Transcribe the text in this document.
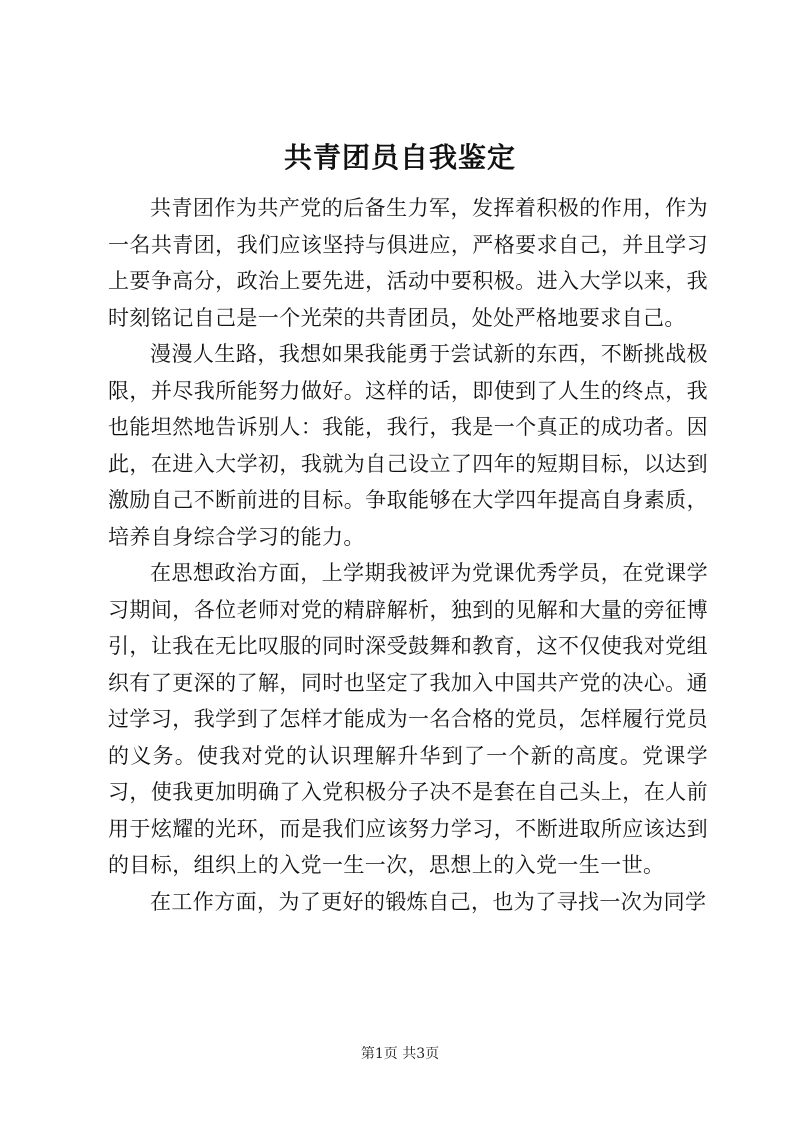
共青团员自我鉴定

共青团作为共产党的后备生力军，发挥着积极的作用，作为一名共青团，我们应该坚持与俱进应，严格要求自己，并且学习上要争高分，政治上要先进，活动中要积极。进入大学以来，我时刻铭记自己是一个光荣的共青团员，处处严格地要求自己。

漫漫人生路，我想如果我能勇于尝试新的东西，不断挑战极限，并尽我所能努力做好。这样的话，即使到了人生的终点，我也能坦然地告诉别人：我能，我行，我是一个真正的成功者。因此，在进入大学初，我就为自己设立了四年的短期目标，以达到激励自己不断前进的目标。争取能够在大学四年提高自身素质，培养自身综合学习的能力。

在思想政治方面，上学期我被评为党课优秀学员，在党课学习期间，各位老师对党的精辟解析，独到的见解和大量的旁征博引，让我在无比叹服的同时深受鼓舞和教育，这不仅使我对党组织有了更深的了解，同时也坚定了我加入中国共产党的决心。通过学习，我学到了怎样才能成为一名合格的党员，怎样履行党员的义务。使我对党的认识理解升华到了一个新的高度。党课学习，使我更加明确了入党积极分子决不是套在自己头上，在人前用于炫耀的光环，而是我们应该努力学习，不断进取所应该达到的目标，组织上的入党一生一次，思想上的入党一生一世。

在工作方面，为了更好的锻炼自己，也为了寻找一次为同学

第1页 共3页
